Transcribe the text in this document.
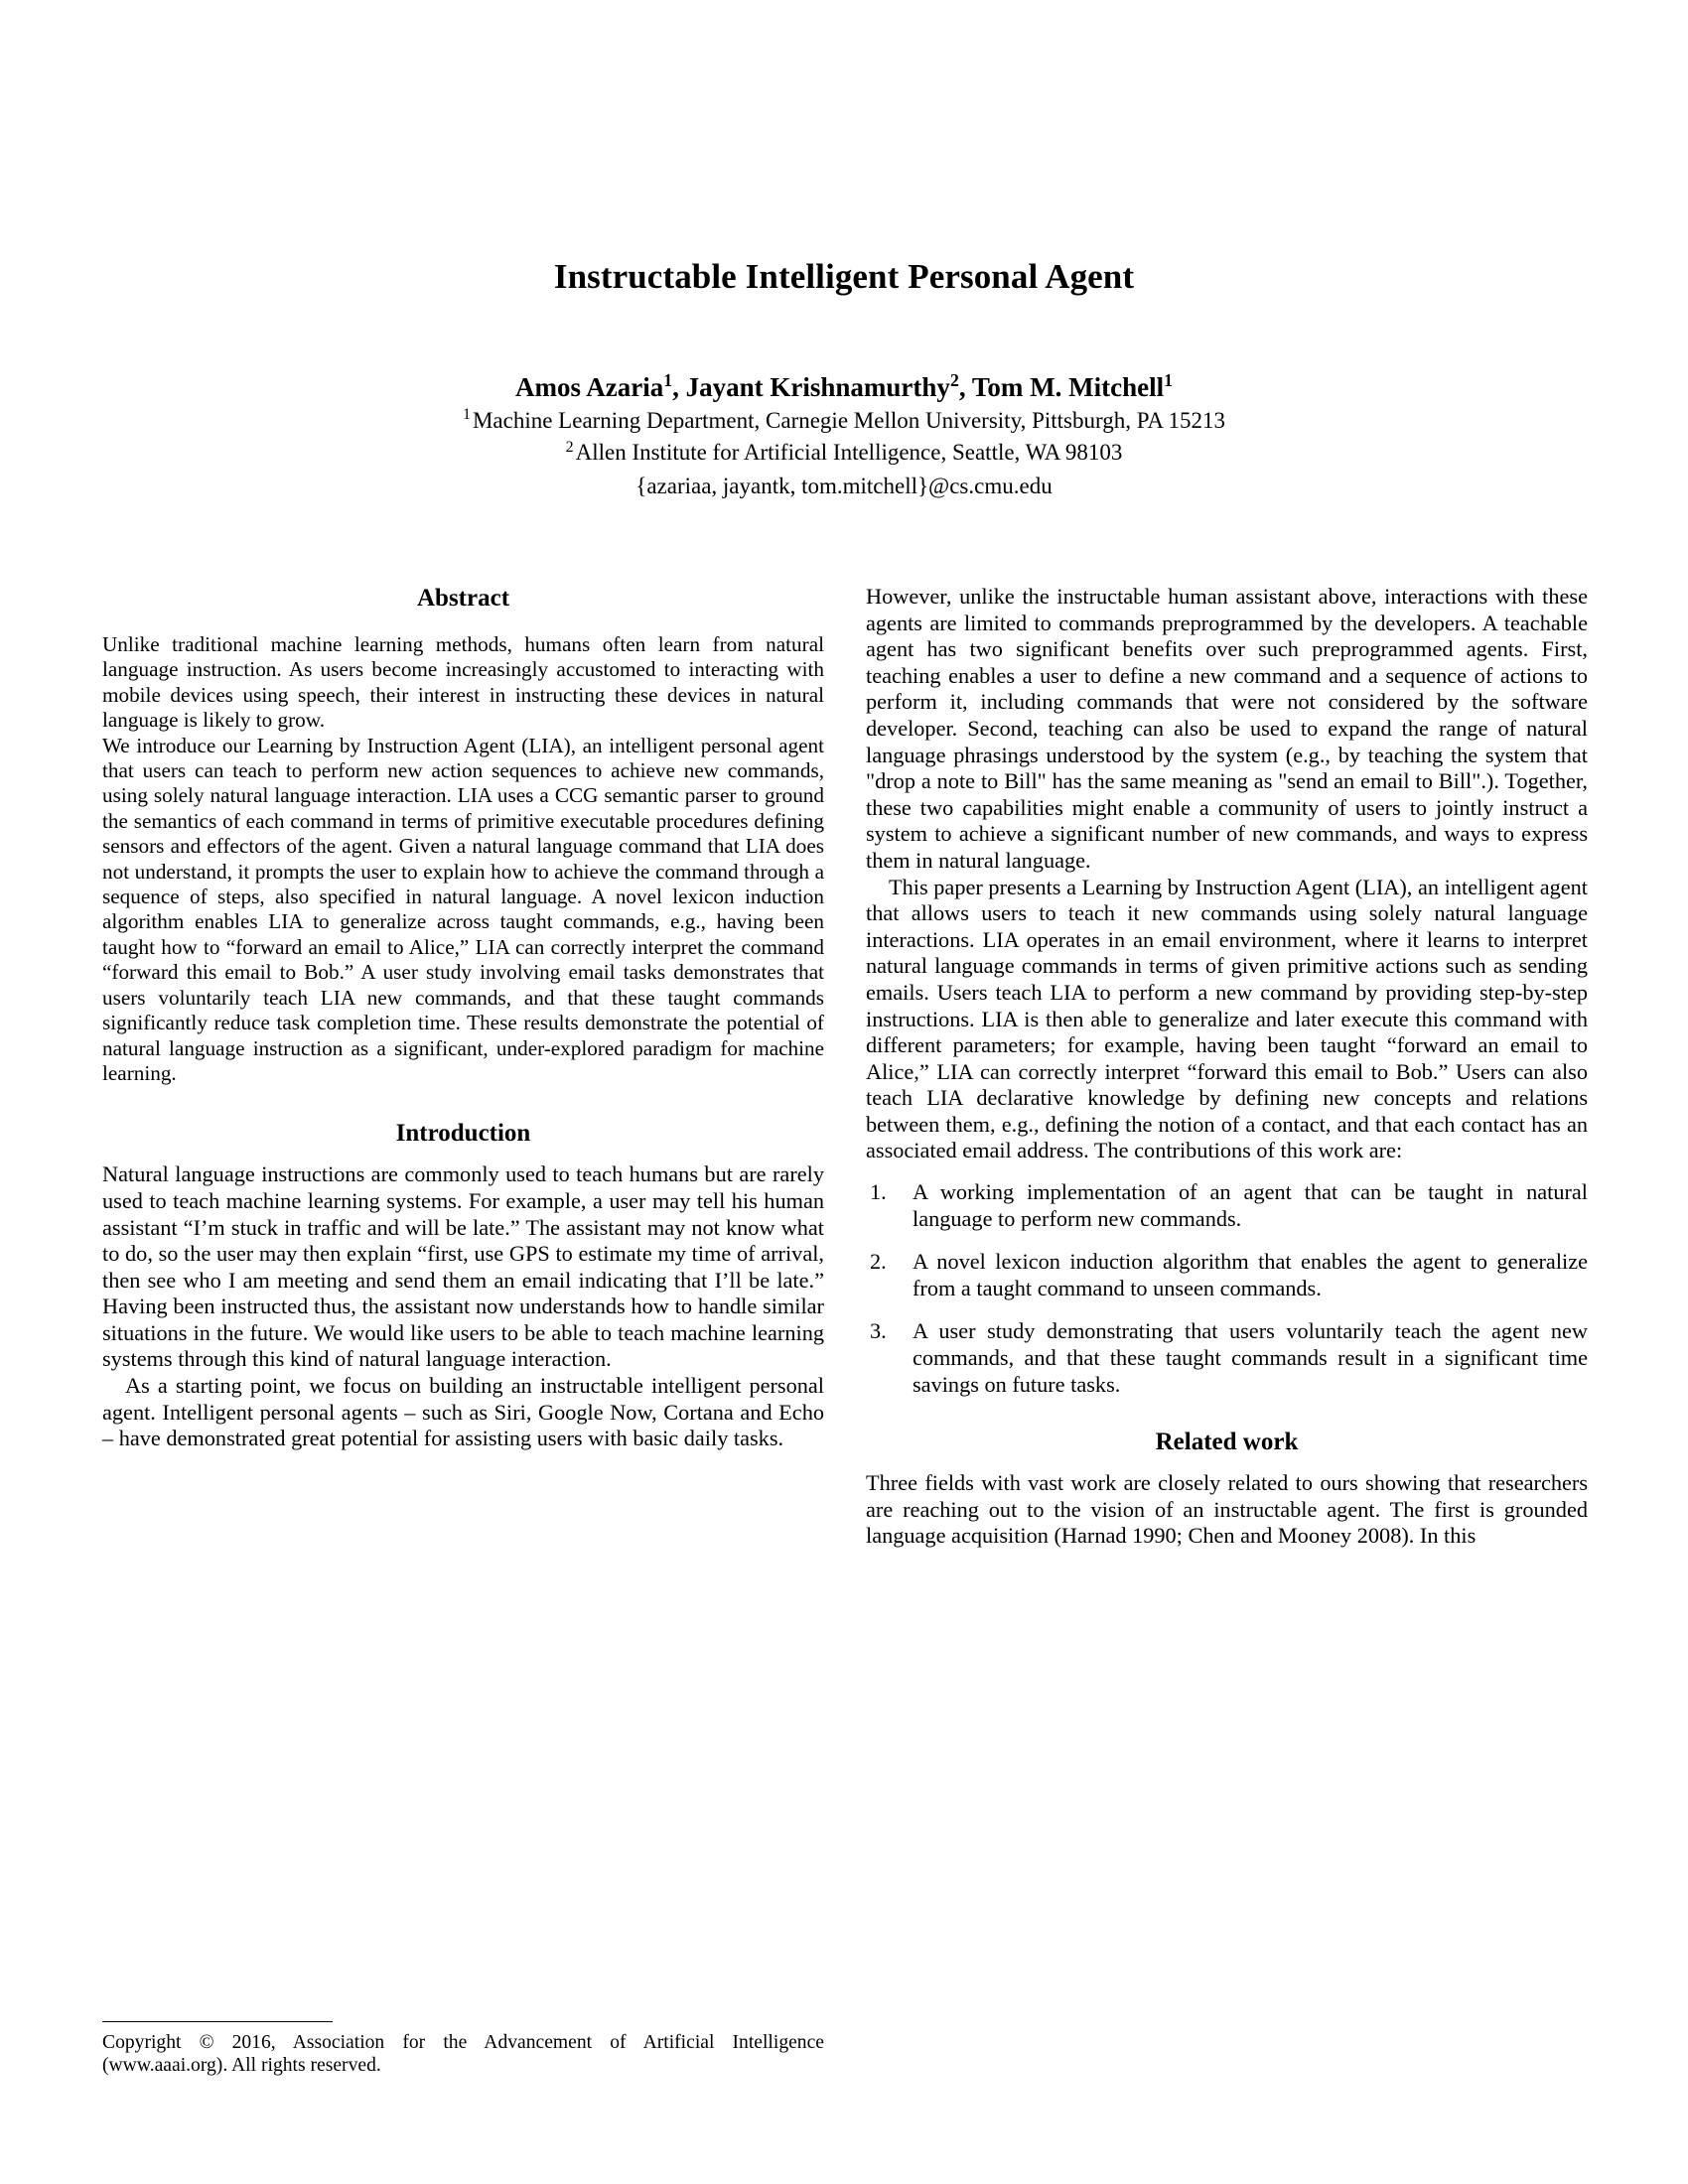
Instructable Intelligent Personal Agent
Amos Azaria$^1$, Jayant Krishnamurthy$^2$, Tom M. Mitchell$^1$
$^1$Machine Learning Department, Carnegie Mellon University, Pittsburgh, PA 15213
$^2$Allen Institute for Artificial Intelligence, Seattle, WA 98103
{azariaa, jayantk, tom.mitchell}@cs.cmu.edu
Abstract

Unlike traditional machine learning methods, humans often learn from natural language instruction. As users become increasingly accustomed to interacting with mobile devices using speech, their interest in instructing these devices in natural language is likely to grow.

We introduce our Learning by Instruction Agent (LIA), an intelligent personal agent that users can teach to perform new action sequences to achieve new commands, using solely natural language interaction. LIA uses a CCG semantic parser to ground the semantics of each command in terms of primitive executable procedures defining sensors and effectors of the agent. Given a natural language command that LIA does not understand, it prompts the user to explain how to achieve the command through a sequence of steps, also specified in natural language. A novel lexicon induction algorithm enables LIA to generalize across taught commands, e.g., having been taught how to “forward an email to Alice,” LIA can correctly interpret the command “forward this email to Bob.” A user study involving email tasks demonstrates that users voluntarily teach LIA new commands, and that these taught commands significantly reduce task completion time. These results demonstrate the potential of natural language instruction as a significant, under-explored paradigm for machine learning.

Introduction

Natural language instructions are commonly used to teach humans but are rarely used to teach machine learning systems. For example, a user may tell his human assistant “I’m stuck in traffic and will be late.” The assistant may not know what to do, so the user may then explain “first, use GPS to estimate my time of arrival, then see who I am meeting and send them an email indicating that I’ll be late.” Having been instructed thus, the assistant now understands how to handle similar situations in the future. We would like users to be able to teach machine learning systems through this kind of natural language interaction.

As a starting point, we focus on building an instructable intelligent personal agent. Intelligent personal agents – such as Siri, Google Now, Cortana and Echo – have demonstrated great potential for assisting users with basic daily tasks.

Copyright © 2016, Association for the Advancement of Artificial Intelligence (www.aaai.org). All rights reserved.

However, unlike the instructable human assistant above, interactions with these agents are limited to commands preprogrammed by the developers. A teachable agent has two significant benefits over such preprogrammed agents. First, teaching enables a user to define a new command and a sequence of actions to perform it, including commands that were not considered by the software developer. Second, teaching can also be used to expand the range of natural language phrasings understood by the system (e.g., by teaching the system that "drop a note to Bill" has the same meaning as "send an email to Bill".). Together, these two capabilities might enable a community of users to jointly instruct a system to achieve a significant number of new commands, and ways to express them in natural language.

This paper presents a Learning by Instruction Agent (LIA), an intelligent agent that allows users to teach it new commands using solely natural language interactions. LIA operates in an email environment, where it learns to interpret natural language commands in terms of given primitive actions such as sending emails. Users teach LIA to perform a new command by providing step-by-step instructions. LIA is then able to generalize and later execute this command with different parameters; for example, having been taught “forward an email to Alice,” LIA can correctly interpret “forward this email to Bob.” Users can also teach LIA declarative knowledge by defining new concepts and relations between them, e.g., defining the notion of a contact, and that each contact has an associated email address. The contributions of this work are:

A working implementation of an agent that can be taught in natural language to perform new commands.
A novel lexicon induction algorithm that enables the agent to generalize from a taught command to unseen commands.
A user study demonstrating that users voluntarily teach the agent new commands, and that these taught commands result in a significant time savings on future tasks.
Related work

Three fields with vast work are closely related to ours showing that researchers are reaching out to the vision of an instructable agent. The first is grounded language acquisition (Harnad 1990; Chen and Mooney 2008). In this
